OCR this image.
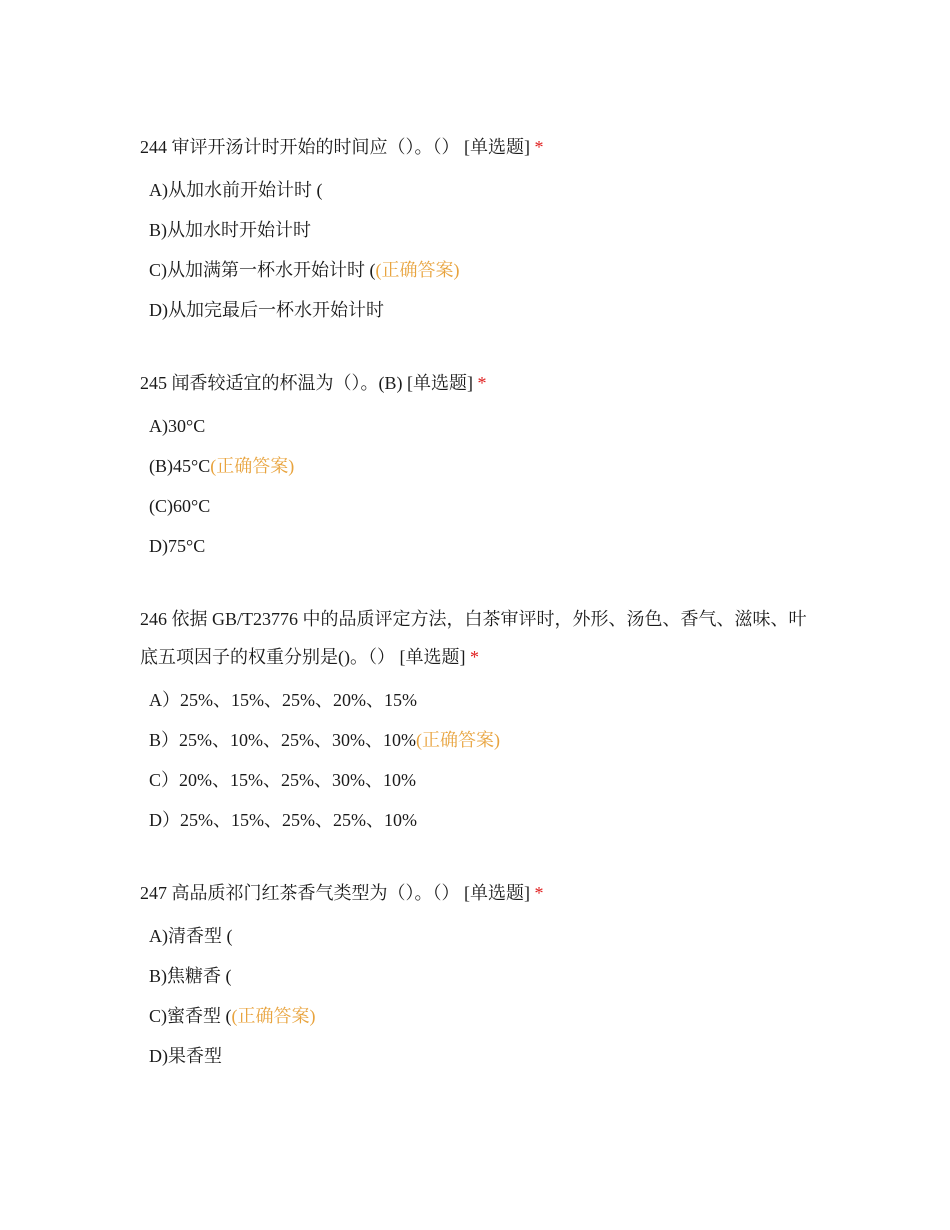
244 审评开汤计时开始的时间应（）。（） [单选题] *
A)从加水前开始计时 (
B)从加水时开始计时
C)从加满第一杯水开始计时 ((正确答案)
D)从加完最后一杯水开始计时
245 闻香较适宜的杯温为（）。(B) [单选题] *
A)30°C
(B)45°C(正确答案)
(C)60°C
D)75°C
246 依据 GB/T23776 中的品质评定方法，白茶审评时，外形、汤色、香气、滋味、叶底五项因子的权重分别是()。（） [单选题] *
A）25%、15%、25%、20%、15%
B）25%、10%、25%、30%、10%(正确答案)
C）20%、15%、25%、30%、10%
D）25%、15%、25%、25%、10%
247 高品质祁门红茶香气类型为（）。（） [单选题] *
A)清香型 (
B)焦糖香 (
C)蜜香型 ((正确答案)
D)果香型
